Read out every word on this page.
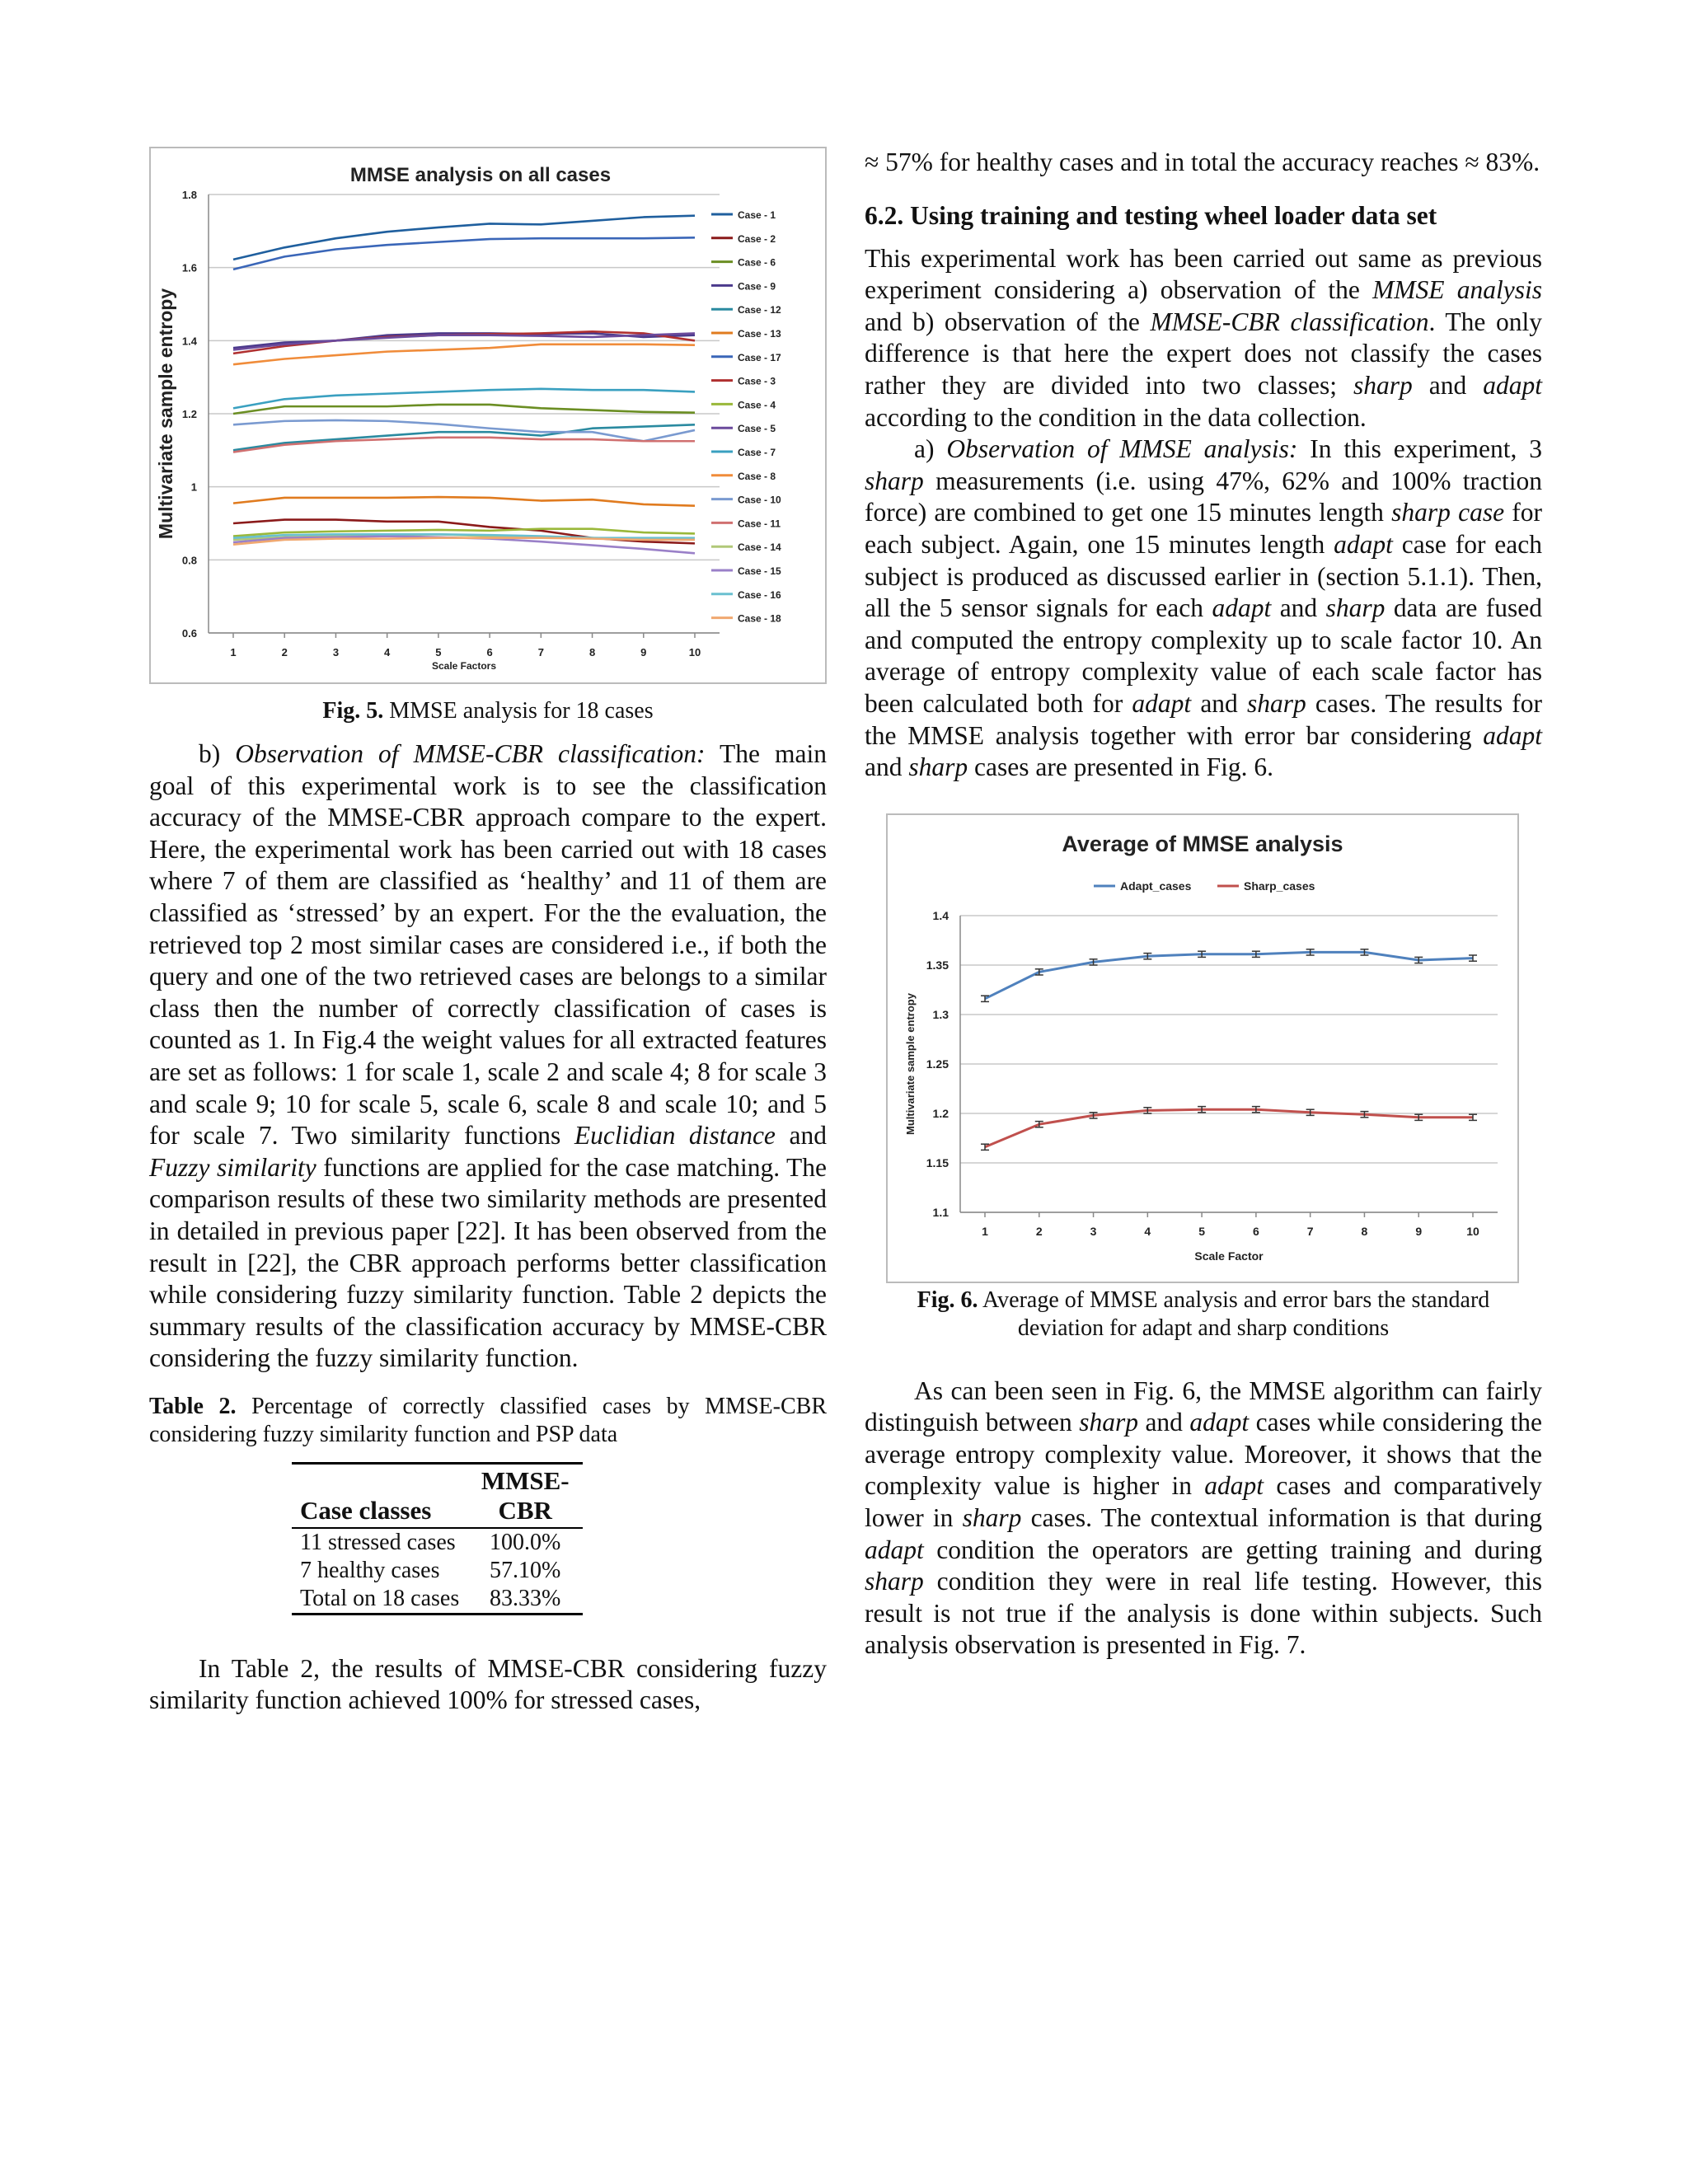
MMSE analysis on all cases
0.6
0.8
1
1.2
1.4
1.6
1.8
1	2	3	4	5	6	7	8	9	10
Scale Factors
Multivariate sample entropy
Case - 1
Case - 2
Case - 6
Case - 9
Case - 12
Case - 13
Case - 17
Case - 3
Case - 4
Case - 5
Case - 7
Case - 8
Case - 10
Case - 11
Case - 14
Case - 15
Case - 16
Case - 18
Fig. 5. MMSE analysis for 18 cases

b) Observation of MMSE-CBR classification: The main goal of this experimental work is to see the classification accuracy of the MMSE-CBR approach compare to the expert. Here, the experimental work has been carried out with 18 cases where 7 of them are classified as ‘healthy’ and 11 of them are classified as ‘stressed’ by an expert. For the the evaluation, the retrieved top 2 most similar cases are considered i.e., if both the query and one of the two retrieved cases are belongs to a similar class then the number of correctly classification of cases is counted as 1. In Fig.4 the weight values for all extracted features are set as follows: 1 for scale 1, scale 2 and scale 4; 8 for scale 3 and scale 9; 10 for scale 5, scale 6, scale 8 and scale 10; and 5 for scale 7. Two similarity functions Euclidian distance and Fuzzy similarity functions are applied for the case matching. The comparison results of these two similarity methods are presented in detailed in previous paper [22]. It has been observed from the result in [22], the CBR approach performs better classification while considering fuzzy similarity function. Table 2 depicts the summary results of the classification accuracy by MMSE-CBR considering the fuzzy similarity function.

Table 2. Percentage of correctly classified cases by MMSE-CBR considering fuzzy similarity function and PSP data
Case classes	MMSE-CBR
11 stressed cases	100.0%
7 healthy cases	57.10%
Total on 18 cases	83.33%

In Table 2, the results of MMSE-CBR considering fuzzy similarity function achieved 100% for stressed cases,

≈ 57% for healthy cases and in total the accuracy reaches ≈ 83%.

6.2. Using training and testing wheel loader data set

This experimental work has been carried out same as previous experiment considering a) observation of the MMSE analysis and b) observation of the MMSE-CBR classification. The only difference is that here the expert does not classify the cases rather they are divided into two classes; sharp and adapt according to the condition in the data collection.

a) Observation of MMSE analysis: In this experiment, 3 sharp measurements (i.e. using 47%, 62% and 100% traction force) are combined to get one 15 minutes length sharp case for each subject. Again, one 15 minutes length adapt case for each subject is produced as discussed earlier in (section 5.1.1). Then, all the 5 sensor signals for each adapt and sharp data are fused and computed the entropy complexity up to scale factor 10. An average of entropy complexity value of each scale factor has been calculated both for adapt and sharp cases. The results for the MMSE analysis together with error bar considering adapt and sharp cases are presented in Fig. 6.

Average of MMSE analysis
1.1
1.15
1.2
1.25
1.3
1.35
1.4
1	2	3	4	5	6	7	8	9	10
Scale Factor
Multivariate sample entropy
Adapt_cases	Sharp_cases
Fig. 6. Average of MMSE analysis and error bars the standard deviation for adapt and sharp conditions

As can been seen in Fig. 6, the MMSE algorithm can fairly distinguish between sharp and adapt cases while considering the average entropy complexity value. Moreover, it shows that the complexity value is higher in adapt cases and comparatively lower in sharp cases. The contextual information is that during adapt condition the operators are getting training and during sharp condition they were in real life testing. However, this result is not true if the analysis is done within subjects. Such analysis observation is presented in Fig. 7.
